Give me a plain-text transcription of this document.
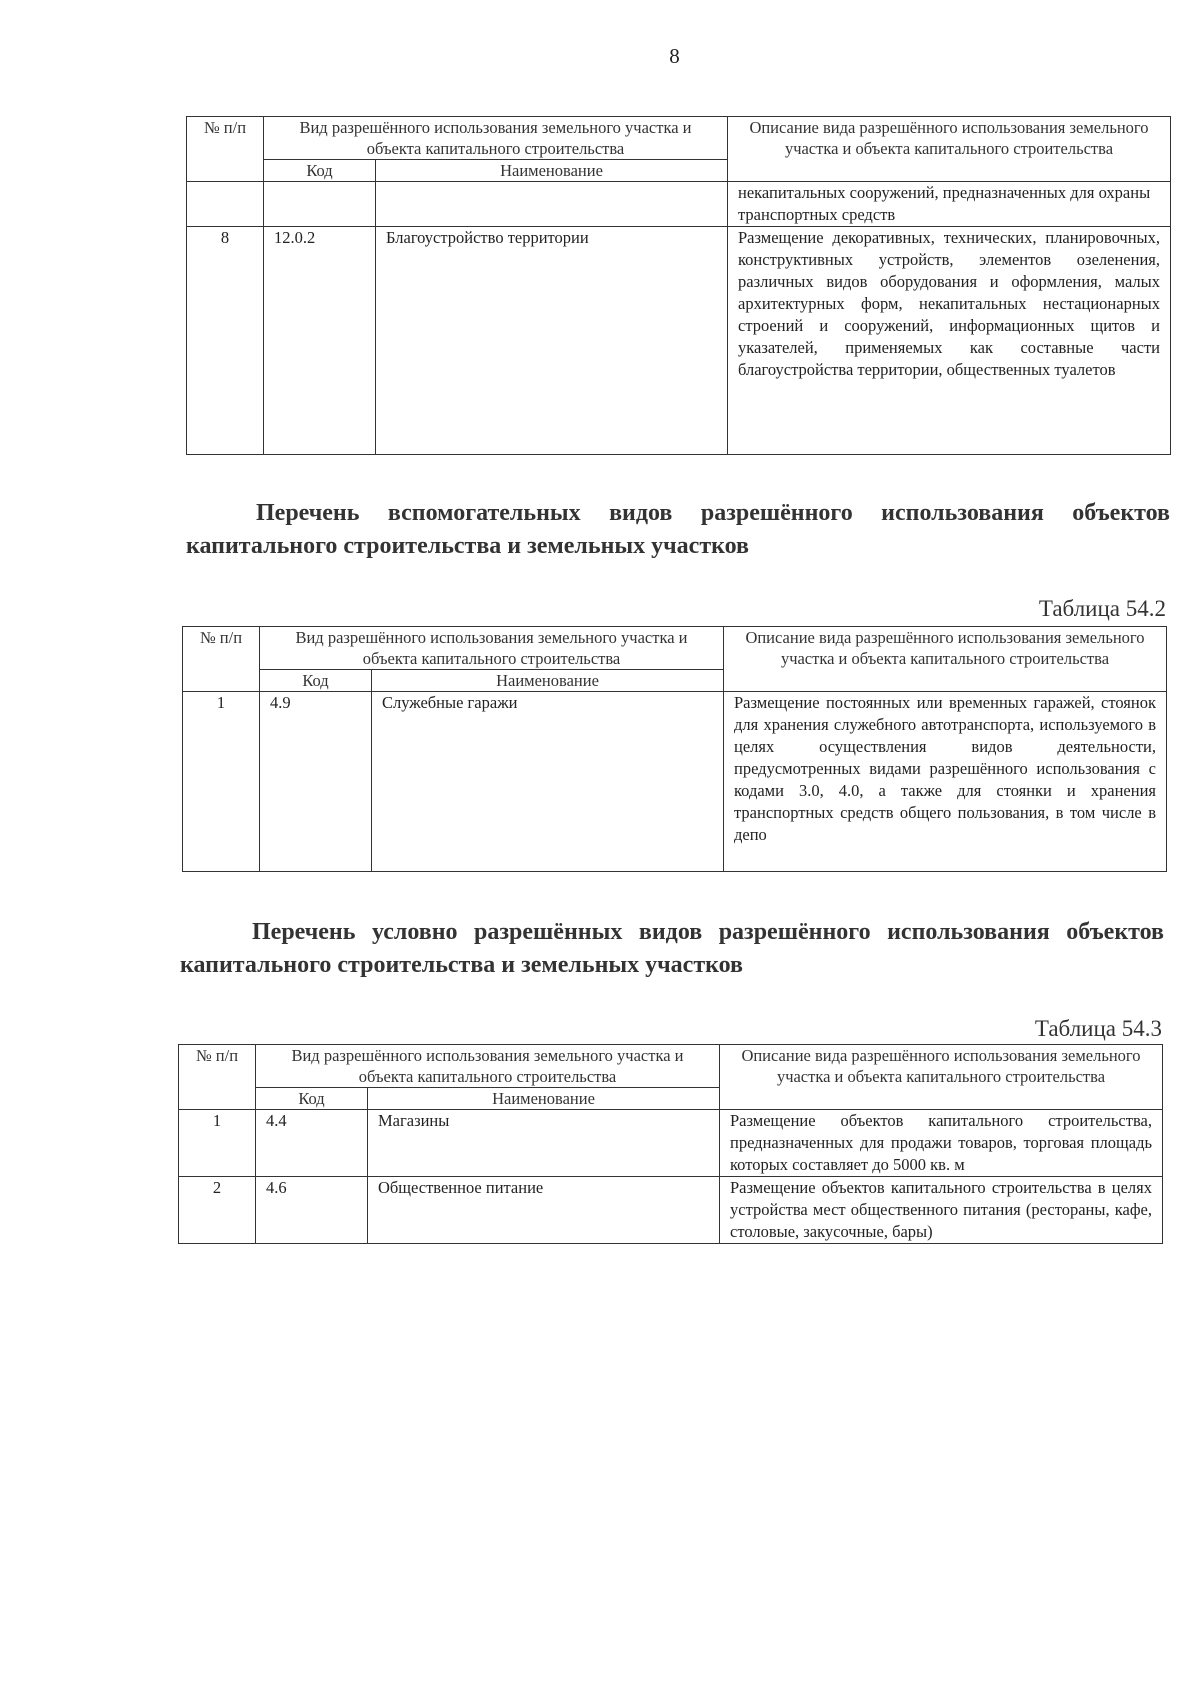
8
№ п/п	Вид разрешённого использования земельного участка и объекта капитального строительства		Описание вида разрешённого использования земельного участка и объекта капитального строительства
	Код	Наименование	
			некапитальных сооружений, предназначенных для охраны транспортных средств
8	12.0.2	Благоустройство территории	Размещение декоративных, технических, планировочных, конструктивных устройств, элементов озеленения, различных видов оборудования и оформления, малых архитектурных форм, некапитальных нестационарных строений и сооружений, информационных щитов и указателей, применяемых как составные части благоустройства территории, общественных туалетов
Перечень вспомогательных видов разрешённого использования объектов капитального строительства и земельных участков
Таблица 54.2
№ п/п	Вид разрешённого использования земельного участка и объекта капитального строительства		Описание вида разрешённого использования земельного участка и объекта капитального строительства
	Код	Наименование	
1	4.9	Служебные гаражи	Размещение постоянных или временных гаражей, стоянок для хранения служебного автотранспорта, используемого в целях осуществления видов деятельности, предусмотренных видами разрешённого использования с кодами 3.0, 4.0, а также для стоянки и хранения транспортных средств общего пользования, в том числе в депо
Перечень условно разрешённых видов разрешённого использования объектов капитального строительства и земельных участков
Таблица 54.3
№ п/п	Вид разрешённого использования земельного участка и объекта капитального строительства		Описание вида разрешённого использования земельного участка и объекта капитального строительства
	Код	Наименование	
1	4.4	Магазины	Размещение объектов капитального строительства, предназначенных для продажи товаров, торговая площадь которых составляет до 5000 кв. м
2	4.6	Общественное питание	Размещение объектов капитального строительства в целях устройства мест общественного питания (рестораны, кафе, столовые, закусочные, бары)
